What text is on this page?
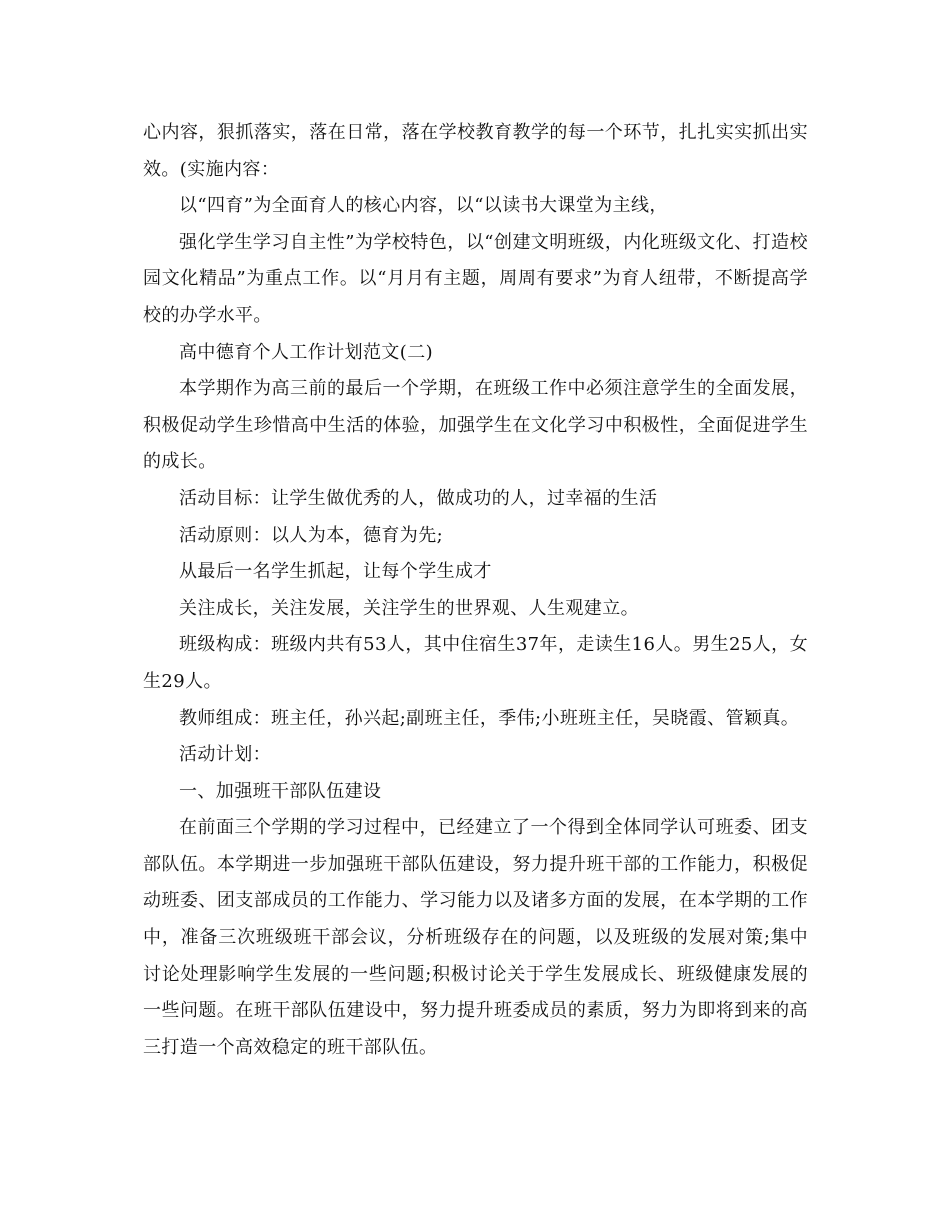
心内容，狠抓落实，落在日常，落在学校教育教学的每一个环节，扎扎实实抓出实效。(实施内容：

以“四育”为全面育人的核心内容，以“以读书大课堂为主线，

强化学生学习自主性”为学校特色，以“创建文明班级，内化班级文化、打造校园文化精品”为重点工作。以“月月有主题，周周有要求”为育人纽带，不断提高学校的办学水平。

高中德育个人工作计划范文(二)

本学期作为高三前的最后一个学期，在班级工作中必须注意学生的全面发展，积极促动学生珍惜高中生活的体验，加强学生在文化学习中积极性，全面促进学生的成长。

活动目标：让学生做优秀的人，做成功的人，过幸福的生活

活动原则：以人为本，德育为先;

从最后一名学生抓起，让每个学生成才

关注成长，关注发展，关注学生的世界观、人生观建立。

班级构成：班级内共有53人，其中住宿生37年，走读生16人。男生25人，女生29人。

教师组成：班主任，孙兴起;副班主任，季伟;小班班主任，吴晓霞、管颖真。

活动计划：

一、加强班干部队伍建设

在前面三个学期的学习过程中，已经建立了一个得到全体同学认可班委、团支部队伍。本学期进一步加强班干部队伍建设，努力提升班干部的工作能力，积极促动班委、团支部成员的工作能力、学习能力以及诸多方面的发展，在本学期的工作中，准备三次班级班干部会议，分析班级存在的问题，以及班级的发展对策;集中讨论处理影响学生发展的一些问题;积极讨论关于学生发展成长、班级健康发展的一些问题。在班干部队伍建设中，努力提升班委成员的素质，努力为即将到来的高三打造一个高效稳定的班干部队伍。
